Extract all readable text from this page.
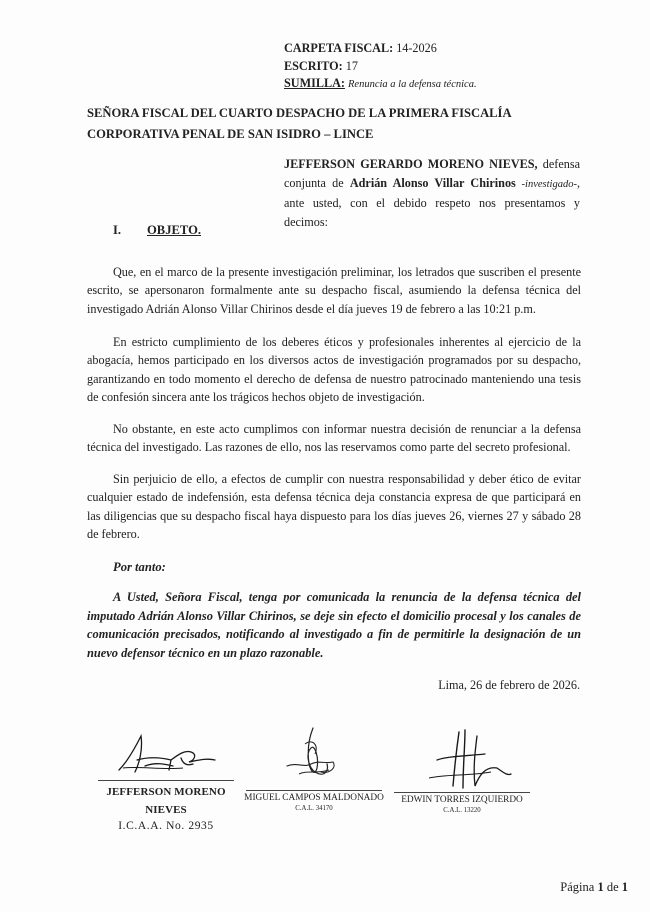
CARPETA FISCAL: 14-2026
ESCRITO: 17
SUMILLA: Renuncia a la defensa técnica.
SEÑORA FISCAL DEL CUARTO DESPACHO DE LA PRIMERA FISCALÍA CORPORATIVA PENAL DE SAN ISIDRO – LINCE
JEFFERSON GERARDO MORENO NIEVES, defensa conjunta de Adrián Alonso Villar Chirinos -investigado-, ante usted, con el debido respeto nos presentamos y decimos:
I. OBJETO.
Que, en el marco de la presente investigación preliminar, los letrados que suscriben el presente escrito, se apersonaron formalmente ante su despacho fiscal, asumiendo la defensa técnica del investigado Adrián Alonso Villar Chirinos desde el día jueves 19 de febrero a las 10:21 p.m.
En estricto cumplimiento de los deberes éticos y profesionales inherentes al ejercicio de la abogacía, hemos participado en los diversos actos de investigación programados por su despacho, garantizando en todo momento el derecho de defensa de nuestro patrocinado manteniendo una tesis de confesión sincera ante los trágicos hechos objeto de investigación.
No obstante, en este acto cumplimos con informar nuestra decisión de renunciar a la defensa técnica del investigado. Las razones de ello, nos las reservamos como parte del secreto profesional.
Sin perjuicio de ello, a efectos de cumplir con nuestra responsabilidad y deber ético de evitar cualquier estado de indefensión, esta defensa técnica deja constancia expresa de que participará en las diligencias que su despacho fiscal haya dispuesto para los días jueves 26, viernes 27 y sábado 28 de febrero.
Por tanto:
A Usted, Señora Fiscal, tenga por comunicada la renuncia de la defensa técnica del imputado Adrián Alonso Villar Chirinos, se deje sin efecto el domicilio procesal y los canales de comunicación precisados, notificando al investigado a fin de permitirle la designación de un nuevo defensor técnico en un plazo razonable.
Lima, 26 de febrero de 2026.
JEFFERSON MORENO NIEVES
I.C.A.A. No. 2935
MIGUEL CAMPOS MALDONADO
C.A.L. 34170
EDWIN TORRES IZQUIERDO
C.A.L. 13220
Página 1 de 1
